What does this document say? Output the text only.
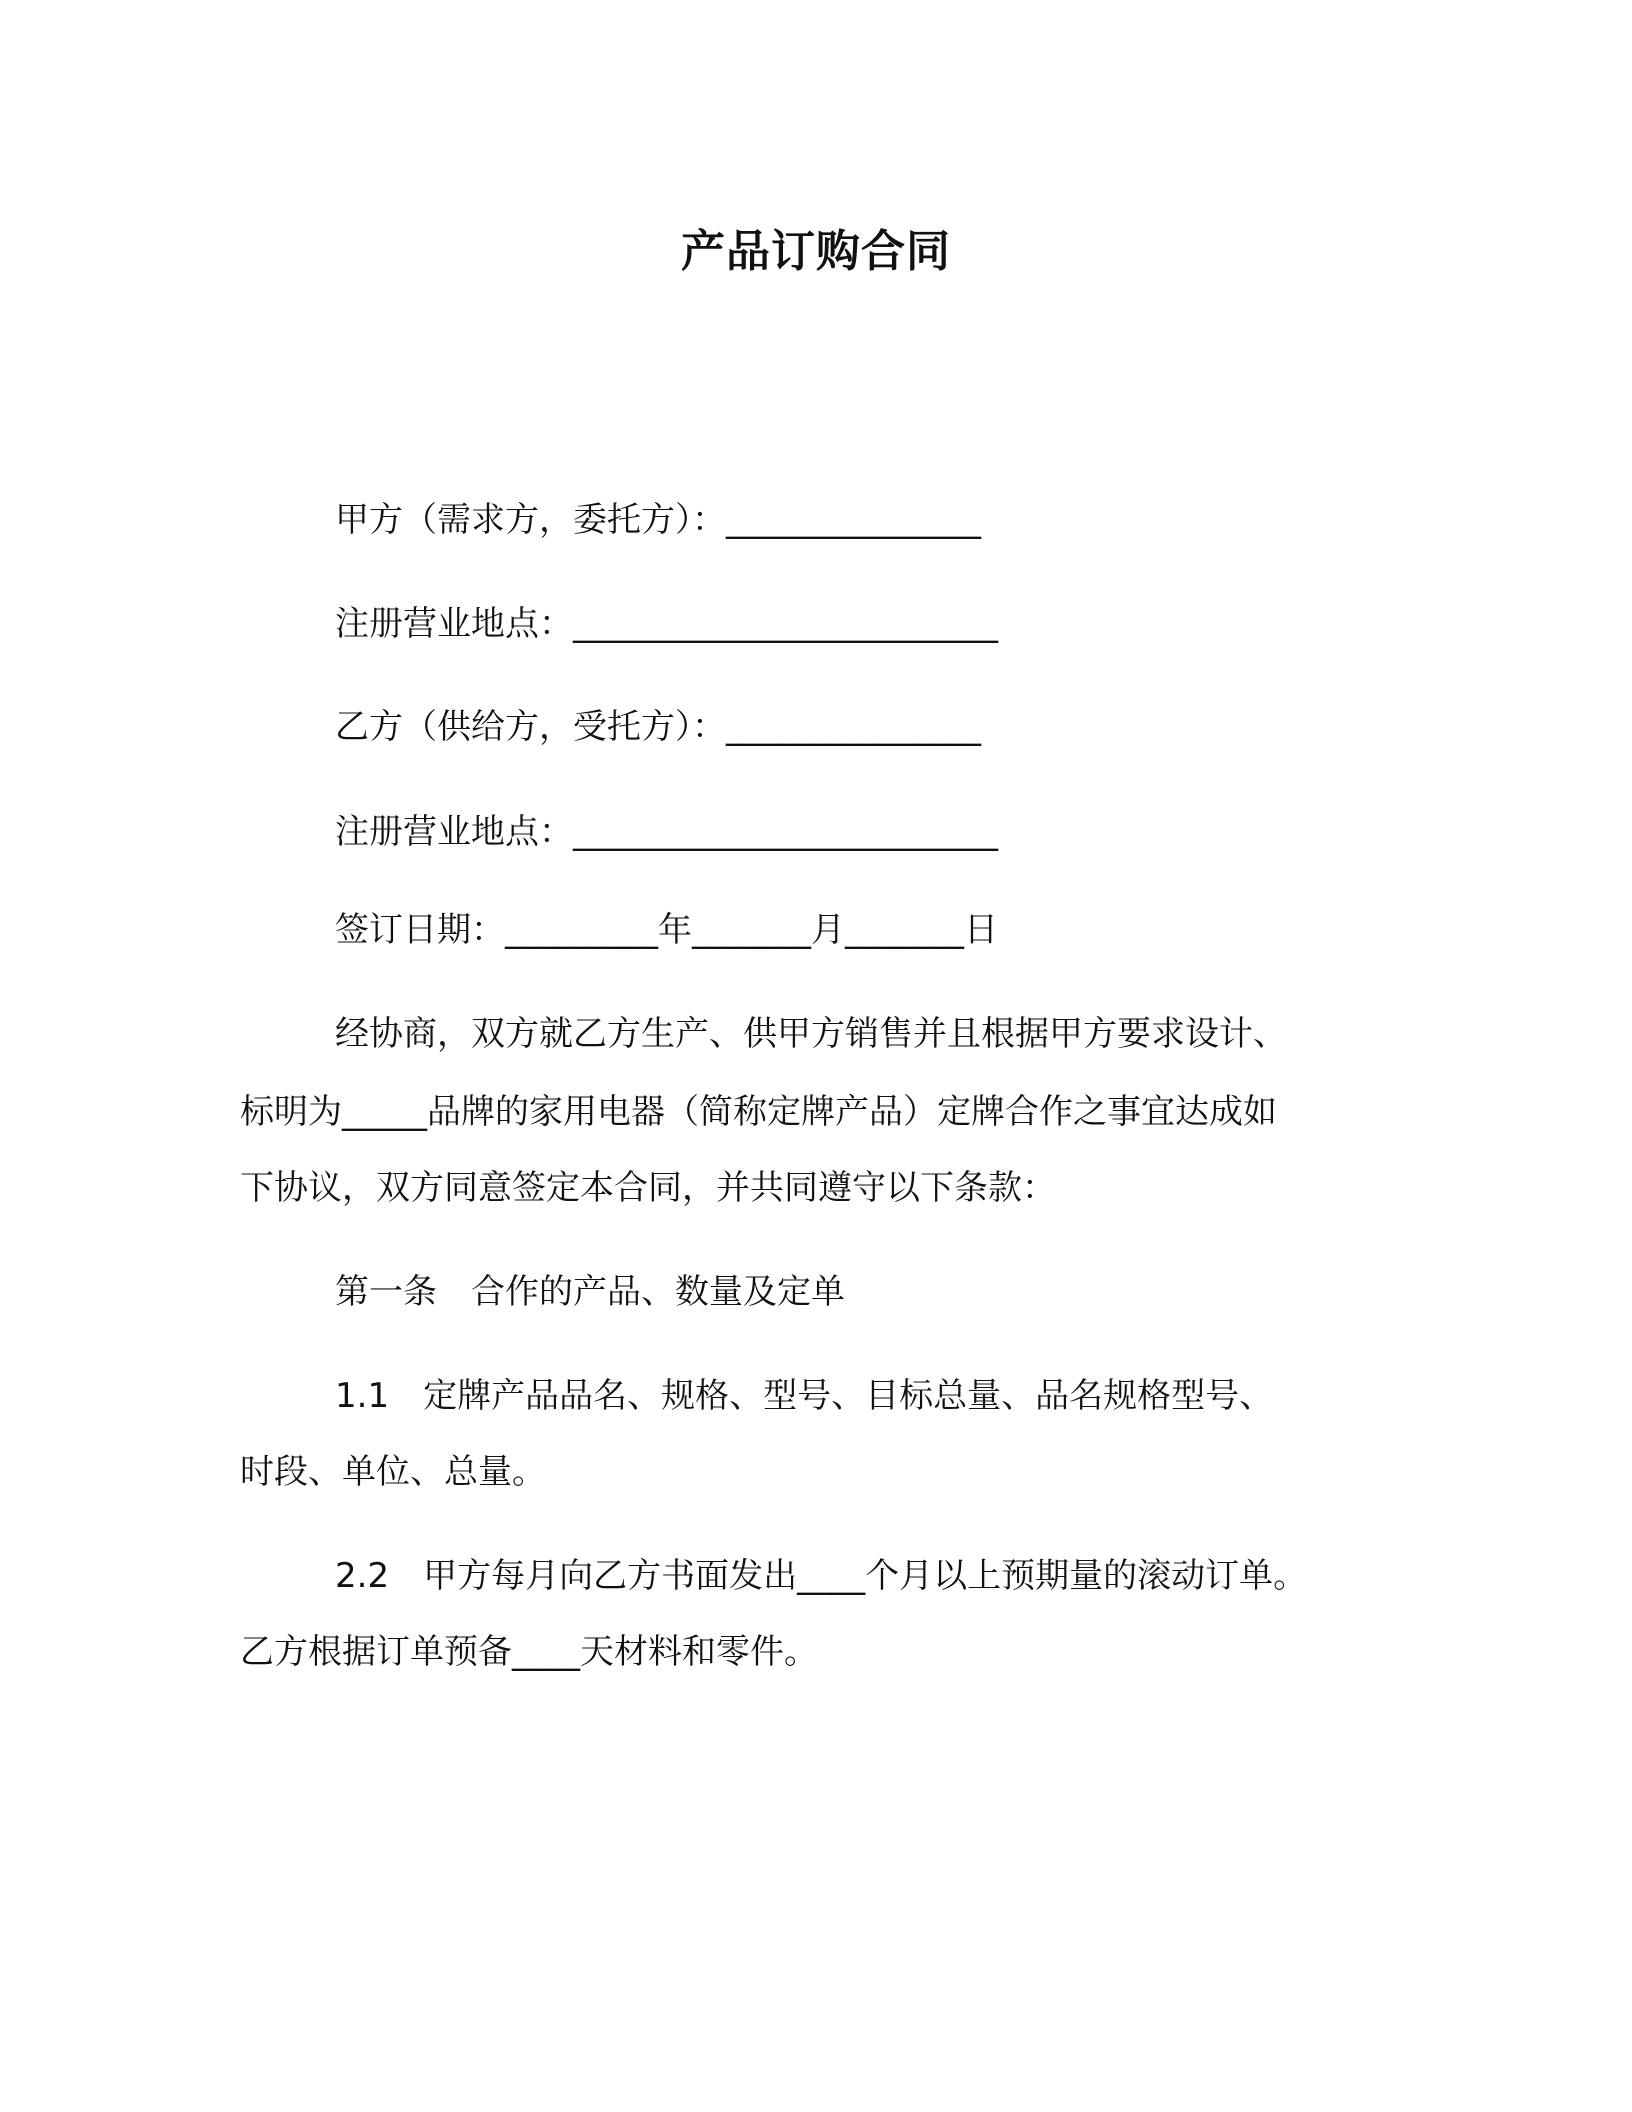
产品订购合同

甲方（需求方，委托方）：_______________

注册营业地点：_________________________

乙方（供给方，受托方）：_______________

注册营业地点：_________________________

签订日期：_________年_______月_______日

经协商，双方就乙方生产、供甲方销售并且根据甲方要求设计、

标明为_____品牌的家用电器（简称定牌产品）定牌合作之事宜达成如

下协议，双方同意签定本合同，并共同遵守以下条款：

第一条　合作的产品、数量及定单

1.1　定牌产品品名、规格、型号、目标总量、品名规格型号、

时段、单位、总量。

2.2　甲方每月向乙方书面发出____个月以上预期量的滚动订单。

乙方根据订单预备____天材料和零件。
